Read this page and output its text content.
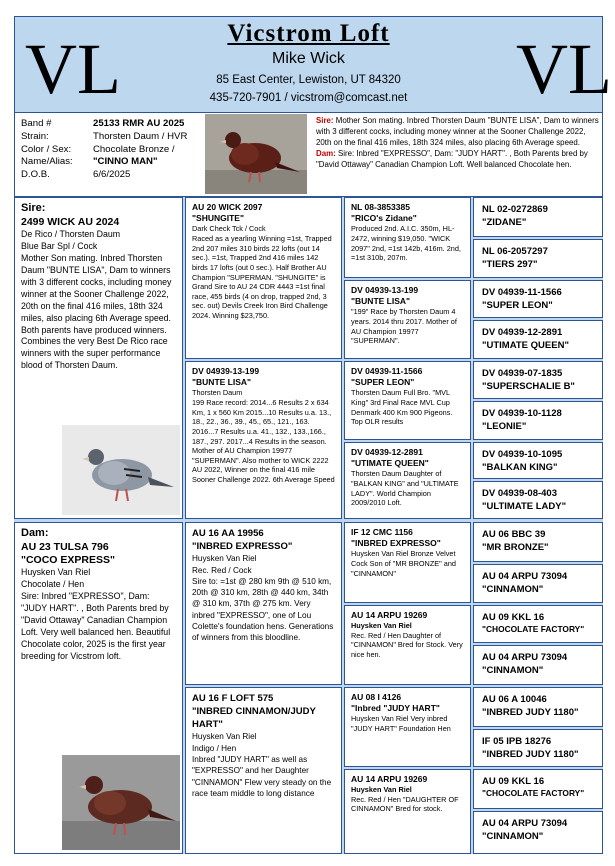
VL	VL
Vicstrom Loft
Mike Wick
85 East Center, Lewiston, UT 84320
435-720-7901 / vicstrom@comcast.net
Band #	25133 RMR AU 2025
Strain:	Thorsten Daum / HVR
Color / Sex:	Chocolate Bronze /
Name/Alias:	"CINNO MAN"
D.O.B.	6/6/2025
Sire: Mother Son mating. Inbred Thorsten Daum "BUNTE LISA", Dam to winners with 3 different cocks, including money winner at the Sooner Challenge 2022, 20th on the final 416 miles, 18th 324 miles, also placing 6th Average speed. Dam: Sire: Inbred "EXPRESSO", Dam: "JUDY HART". , Both Parents bred by "David Ottaway" Canadian Champion Loft. Well balanced Chocolate hen.
Sire:
2499 WICK AU 2024
De Rico / Thorsten Daum
Blue Bar Spl / Cock
Mother Son mating. Inbred Thorsten Daum "BUNTE LISA", Dam to winners with 3 different cocks, including money winner at the Sooner Challenge 2022, 20th on the final 416 miles, 18th 324 miles, also placing 6th Average speed. Both parents have produced winners. Combines the very Best De Rico race winners with the super performance blood of Thorsten Daum.
Dam:
AU 23 TULSA 796
"COCO EXPRESS"
Huysken Van Riel
Chocolate / Hen
Sire: Inbred "EXPRESSO", Dam: "JUDY HART". , Both Parents bred by "David Ottaway" Canadian Champion Loft. Very well balanced hen. Beautiful Chocolate color, 2025 is the first year breeding for Vicstrom loft.
AU 20 WICK 2097
"SHUNGITE"
Dark Check Tck / Cock
Raced as a yearling Winning =1st, Trapped 2nd 207 miles 310 birds 22 lofts (out 14 sec.). =1st, Trapped 2nd 416 miles 142 birds 17 lofts (out 0 sec.). Half Brother AU Champion "SUPERMAN. "SHUNGITE" is Grand Sire to AU 24 CDR 4443 =1st final race, 455 birds (4 on drop, trapped 2nd, 3 sec. out) Devils Creek Iron Bird Challenge 2024. Winning $23,750.
DV 04939-13-199
"BUNTE LISA"
Thorsten Daum
199 Race record: 2014...6 Results 2 x 634 Km, 1 x 560 Km 2015...10 Results u.a. 13., 18., 22., 36., 39., 45., 65., 121., 163. 2016...7 Results u.a. 41., 132., 133.,166., 187., 297. 2017...4 Results in the season. Mother of AU Champion 19977 "SUPERMAN". Also mother to WICK 2222 AU 2022, Winner on the final 416 mile Sooner Challenge 2022. 6th Average Speed
AU 16 AA 19956
"INBRED EXPRESSO"
Huysken Van Riel
Rec. Red / Cock
Sire to: =1st @ 280 km 9th @ 510 km, 20th @ 310 km, 28th @ 440 km, 34th @ 310 km, 37th @ 275 km. Very inbred "EXPRESSO", one of Lou Colette's foundation hens. Generations of winners from this bloodline.
AU 16 F LOFT 575
"INBRED CINNAMON/JUDY HART"
Huysken Van Riel
Indigo / Hen
Inbred "JUDY HART" as well as "EXPRESSO" and her Daughter "CINNAMON" Flew very steady on the race team middle to long distance
NL 08-3853385
"RICO's Zidane"
Produced 2nd. A.I.C. 350m, HL-2472, winning $19,050. "WICK 2097" 2nd, =1st 142b, 416m. 2nd, =1st 310b, 207m.
DV 04939-13-199
"BUNTE LISA"
"199" Race by Thorsten Daum 4 years. 2014 thru 2017. Mother of AU Champion 19977 "SUPERMAN".
DV 04939-11-1566
"SUPER LEON"
Thorsten Daum Full Bro. "MVL King" 3rd Final Race MVL Cup Denmark 400 Km 900 Pigeons. Top OLR results
DV 04939-12-2891
"UTIMATE QUEEN"
Thorsten Daum Daughter of "BALKAN KING" and "ULTIMATE LADY". World Champion 2009/2010 Loft.
IF 12 CMC 1156
"INBRED EXPRESSO"
Huysken Van Riel Bronze Velvet Cock Son of "MR BRONZE" and "CINNAMON"
AU 14 ARPU 19269
Huysken Van Riel
Rec. Red / Hen Daughter of "CINNAMON" Bred for Stock. Very nice hen.
AU 08 I 4126
"Inbred "JUDY HART"
Huysken Van Riel Very inbred "JUDY HART" Foundation Hen
AU 14 ARPU 19269
Huysken Van Riel
Rec. Red / Hen "DAUGHTER OF CINNAMON" Bred for stock.
NL 02-0272869
"ZIDANE"
NL 06-2057297
"TIERS 297"
DV 04939-11-1566
"SUPER LEON"
DV 04939-12-2891
"UTIMATE QUEEN"
DV 04939-07-1835
"SUPERSCHALIE B"
DV 04939-10-1128
"LEONIE"
DV 04939-10-1095
"BALKAN KING"
DV 04939-08-403
"ULTIMATE LADY"
AU 06 BBC 39
"MR BRONZE"
AU 04 ARPU 73094
"CINNAMON"
AU 09 KKL 16
"CHOCOLATE FACTORY"
AU 04 ARPU 73094
"CINNAMON"
AU 06 A 10046
"INBRED JUDY 1180"
IF 05 IPB 18276
"INBRED JUDY 1180"
AU 09 KKL 16
"CHOCOLATE FACTORY"
AU 04 ARPU 73094
"CINNAMON"
